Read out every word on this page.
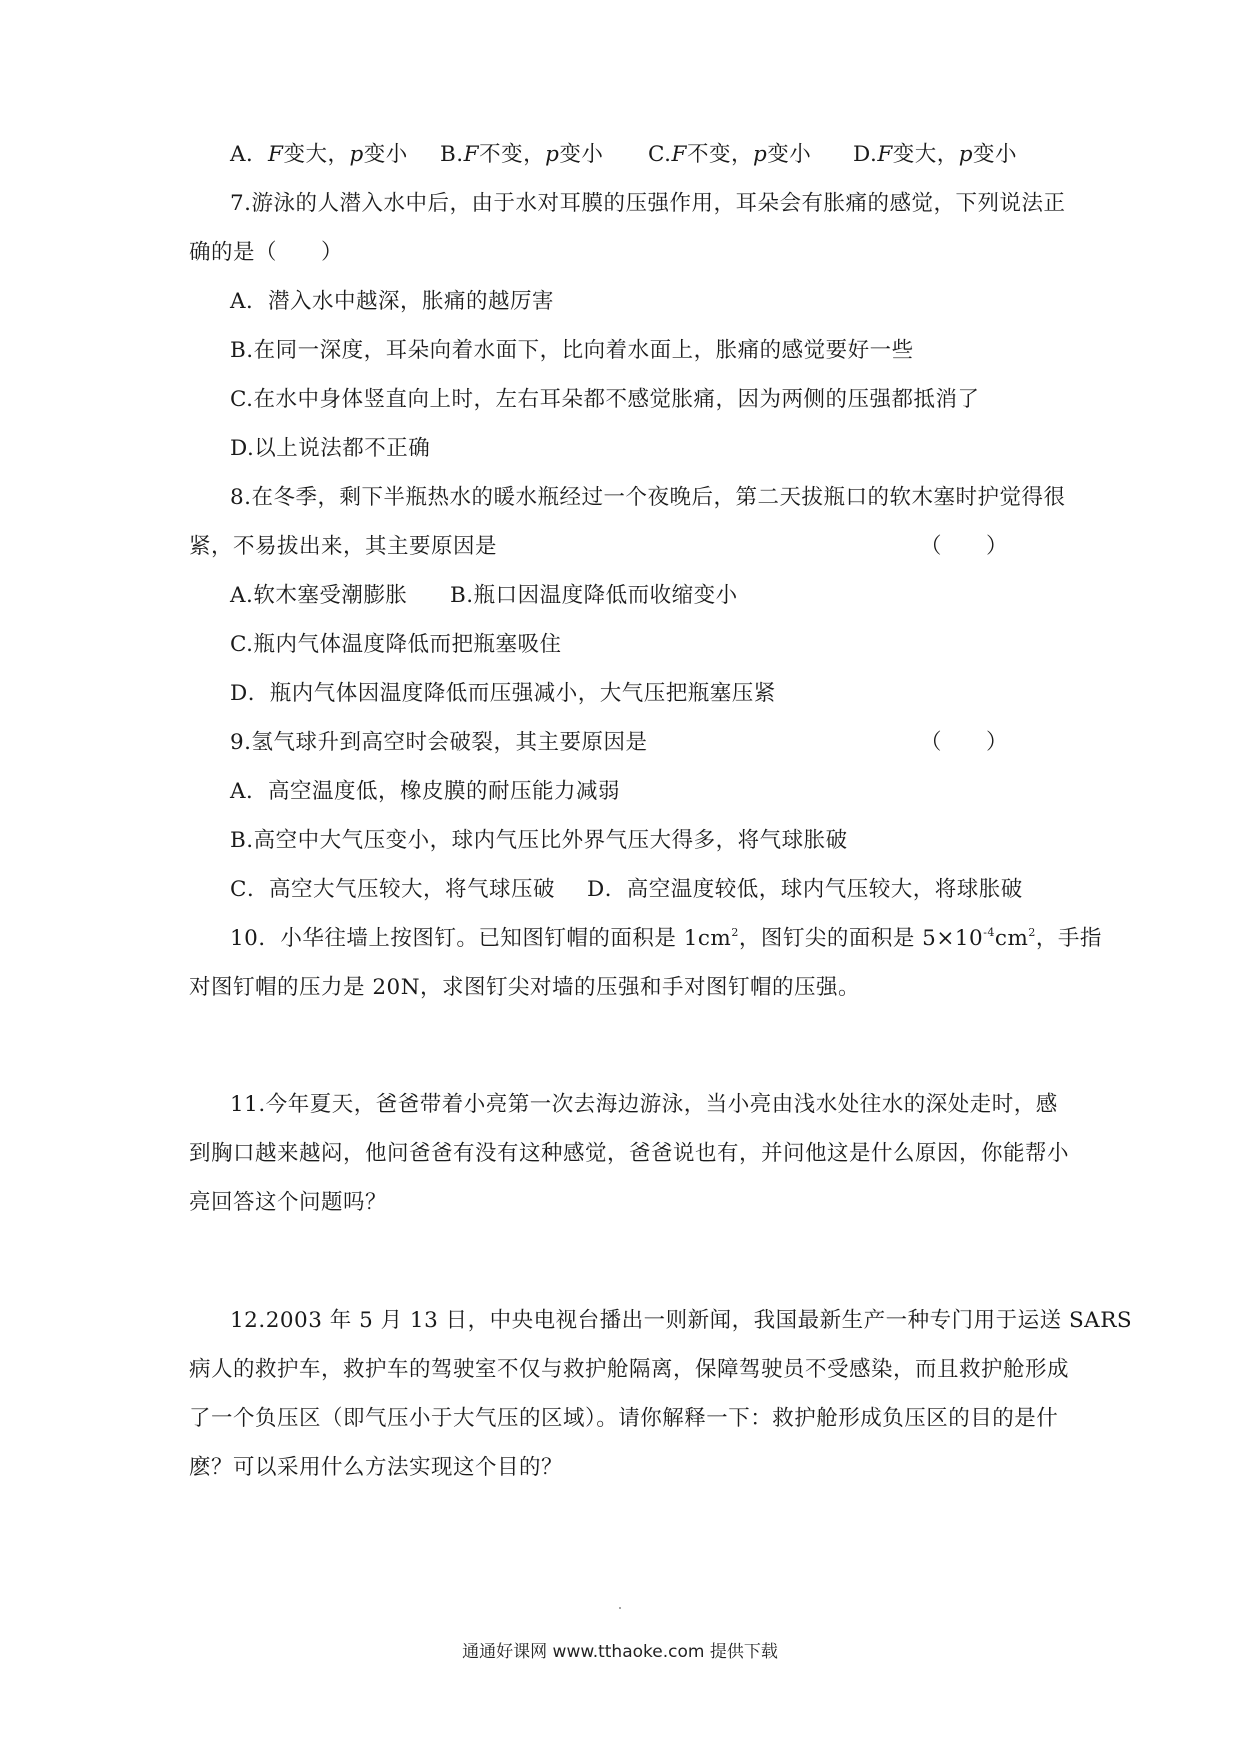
A．F变大，p变小 B.F不变，p变小 C.F不变，p变小 D.F变大，p变小
7.游泳的人潜入水中后，由于水对耳膜的压强作用，耳朵会有胀痛的感觉，下列说法正
确的是（　　）
A．潜入水中越深，胀痛的越厉害
B.在同一深度，耳朵向着水面下，比向着水面上，胀痛的感觉要好一些
C.在水中身体竖直向上时，左右耳朵都不感觉胀痛，因为两侧的压强都抵消了
D.以上说法都不正确
8.在冬季，剩下半瓶热水的暖水瓶经过一个夜晚后，第二天拔瓶口的软木塞时护觉得很
紧，不易拔出来，其主要原因是	（　　）
A.软木塞受潮膨胀 B.瓶口因温度降低而收缩变小
C.瓶内气体温度降低而把瓶塞吸住
D．瓶内气体因温度降低而压强减小，大气压把瓶塞压紧
9.氢气球升到高空时会破裂，其主要原因是	（　　）
A．高空温度低，橡皮膜的耐压能力减弱
B.高空中大气压变小，球内气压比外界气压大得多，将气球胀破
C．高空大气压较大，将气球压破 D．高空温度较低，球内气压较大，将球胀破
10．小华往墙上按图钉。已知图钉帽的面积是 $1cm^2$，图钉尖的面积是 $5\times 10^{-4}cm^2$，手指
对图钉帽的压力是 20N，求图钉尖对墙的压强和手对图钉帽的压强。
11.今年夏天，爸爸带着小亮第一次去海边游泳，当小亮由浅水处往水的深处走时，感
到胸口越来越闷，他问爸爸有没有这种感觉，爸爸说也有，并问他这是什么原因，你能帮小
亮回答这个问题吗？
12.2003 年 5 月 13 日，中央电视台播出一则新闻，我国最新生产一种专门用于运送 SARS
病人的救护车，救护车的驾驶室不仅与救护舱隔离，保障驾驶员不受感染，而且救护舱形成
了一个负压区（即气压小于大气压的区域）。请你解释一下：救护舱形成负压区的目的是什
麽？可以采用什么方法实现这个目的？
通通好课网 www.tthaoke.com 提供下载
